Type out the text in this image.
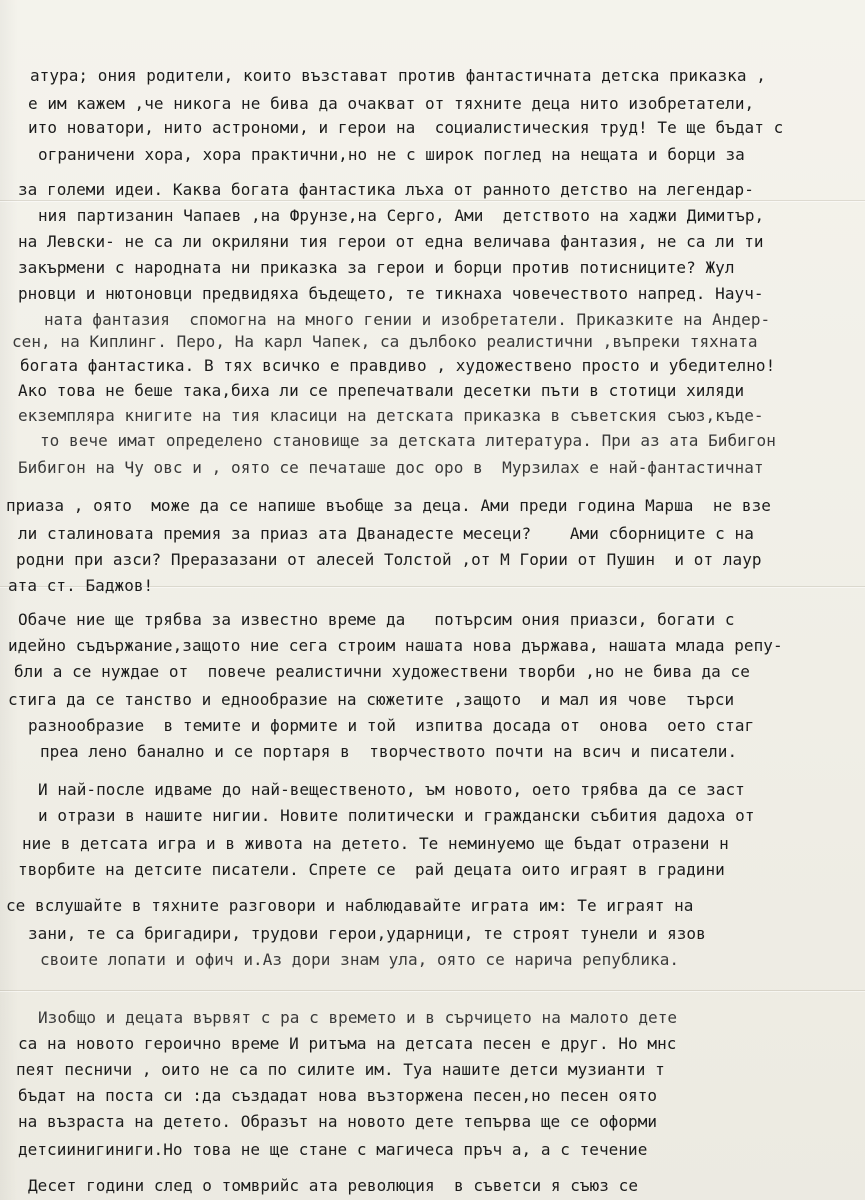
атура; ония родители, които възстават против фантастичната детска приказка ,
е им кажем ,че никога не бива да очакват от тяхните деца нито изобретатели,
ито новатори, нито астрономи, и герои на  социалистическия труд! Те ще бъдат с
ограничени хора, хора практични,но не с широк поглед на нещата и борци за
за големи идеи. Каква богата фантастика лъха от ранното детство на легендар-
ния партизанин Чапаев ,на Фрунзе,на Серго, Ами  детството на хаджи Димитър,
на Левски- не са ли окриляни тия герои от една величава фантазия, не са ли ти
закърмени с народната ни приказка за герои и борци против потисниците? Жул
рновци и нютоновци предвидяха бъдещето, те тикнаха човечеството напред. Науч-
ната фантазия  спомогна на много гении и изобретатели. Приказките на Андер-
сен, на Киплинг. Перо, На карл Чапек, са дълбоко реалистични ,въпреки тяхната
богата фантастика. В тях всичко е правдиво , художествено просто и убедително!
Ако това не беше така,биха ли се препечатвали десетки пъти в стотици хиляди
екземпляра книгите на тия класици на детската приказка в съветския съюз,къде-
то вече имат определено становище за детската литература. При аз ата Бибигон
Бибигон на Чу овс и , оято се печаташе дос оро в  Мурзилах е най-фантастичнат
приаза , оято  може да се напише въобще за деца. Ами преди година Марша  не взе
ли сталиновата премия за приаз ата Дванадесте месеци?    Ами сборниците с на
родни при азси? Преразазани от алесей Толстой ,от М Гории от Пушин  и от лаур
ата ст. Баджов!
Обаче ние ще трябва за известно време да   потърсим ония приазси, богати с
идейно съдържание,защото ние сега строим нашата нова държава, нашата млада репу-
бли а се нуждае от  повече реалистични художествени творби ,но не бива да се
стига да се танство и еднообразие на сюжетите ,защото  и мал ия чове  търси
разнообразие  в темите и формите и той  изпитва досада от  онова  оето стаг
преа лено банално и се портаря в  творчеството почти на всич и писатели.
И най-после идваме до най-вещественото, ъм новото, оето трябва да се заст
и отрази в нашите нигии. Новите политически и граждански събития дадоха от
ние в детсата игра и в живота на детето. Те неминуемо ще бъдат отразени н
творбите на детсите писатели. Спрете се  рай децата оито играят в градини
се вслушайте в тяхните разговори и наблюдавайте играта им: Те играят на
зани, те са бригадири, трудови герои,ударници, те строят тунели и язов
своите лопати и офич и.Аз дори знам ула, оято се нарича република.
Изобщо и децата вървят с ра с времето и в сърчицето на малото дете
са на новото героично време И ритъма на детсата песен е друг. Но мнс
пеят песничи , оито не са по силите им. Туа нашите детси музианти т
бъдат на поста си :да създадат нова възторжена песен,но песен оято
на възраста на детето. Образът на новото дете тепърва ще се оформи
детсиинигиниги.Но това не ще стане с магичеса пръч а, а с течение
Десет години след о томврийс ата революция  в съветси я съюз се
